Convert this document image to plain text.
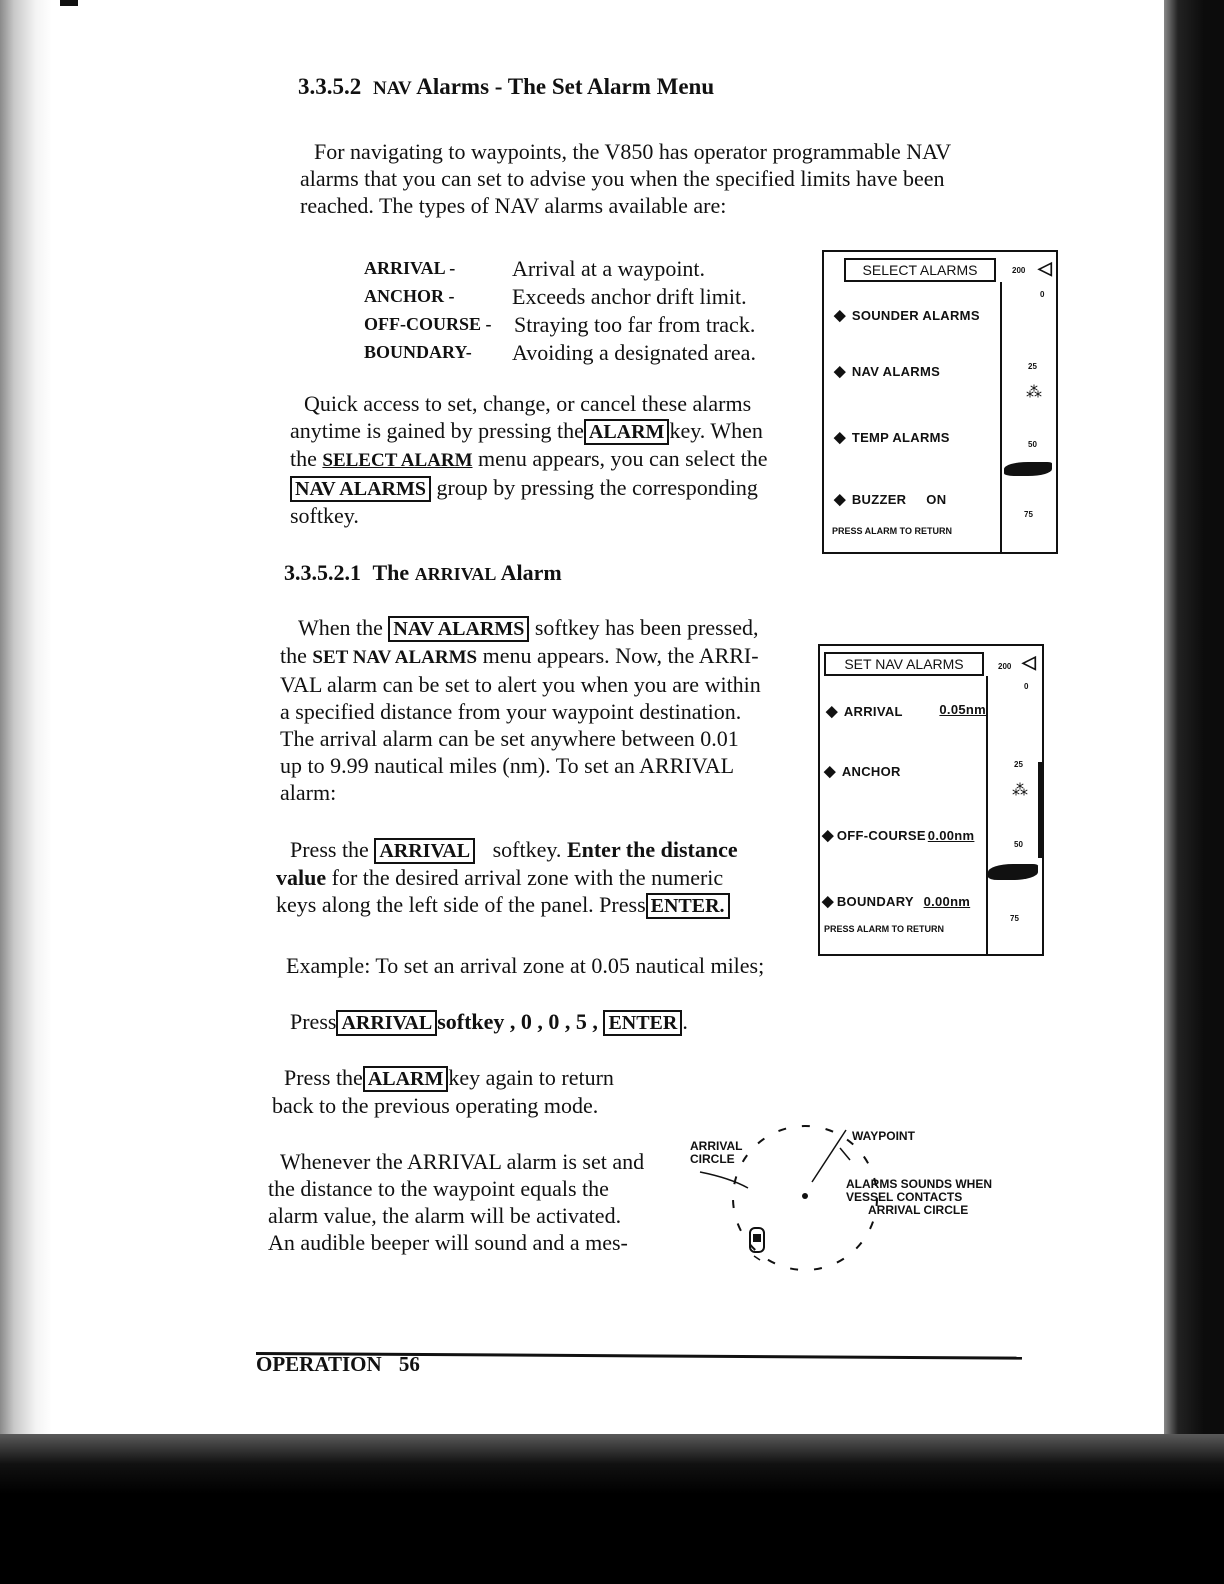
3.3.5.2 NAV Alarms - The Set Alarm Menu
For navigating to waypoints, the V850 has operator programmable NAV
alarms that you can set to advise you when the specified limits have been
reached. The types of NAV alarms available are:
ARRIVAL -	Arrival at a waypoint.
ANCHOR -	Exceeds anchor drift limit.
OFF-COURSE - Straying too far from track.
BOUNDARY- Avoiding a designated area.
Quick access to set, change, or cancel these alarms
anytime is gained by pressing the ALARM key. When
the SELECT ALARM menu appears, you can select the
NAV ALARMS group by pressing the corresponding
softkey.
SELECT ALARMS	200 ◁
0
25
50
75
⁂
◆ SOUNDER ALARMS
◆ NAV ALARMS
◆ TEMP ALARMS
◆ BUZZER ON
PRESS ALARM TO RETURN
3.3.5.2.1 The ARRIVAL Alarm
When the NAV ALARMS softkey has been pressed,
the SET NAV ALARMS menu appears. Now, the ARRI-
VAL alarm can be set to alert you when you are within
a specified distance from your waypoint destination.
The arrival alarm can be set anywhere between 0.01
up to 9.99 nautical miles (nm). To set an ARRIVAL
alarm:
SET NAV ALARMS	200 ◁
0
25
50
75
⁂
◆ ARRIVAL	0.05nm
◆ ANCHOR
◆ OFF-COURSE 0.00nm
◆ BOUNDARY 0.00nm
PRESS ALARM TO RETURN
Press the ARRIVAL softkey. Enter the distance
value for the desired arrival zone with the numeric
keys along the left side of the panel. Press ENTER.
Example: To set an arrival zone at 0.05 nautical miles;
Press ARRIVAL softkey , 0 , 0 , 5 , ENTER .
Press the ALARM key again to return
back to the previous operating mode.
Whenever the ARRIVAL alarm is set and
the distance to the waypoint equals the
alarm value, the alarm will be activated.
An audible beeper will sound and a mes-
ARRIVAL
CIRCLE
WAYPOINT
ALARMS SOUNDS WHEN
VESSEL CONTACTS
ARRIVAL CIRCLE
OPERATION 56
